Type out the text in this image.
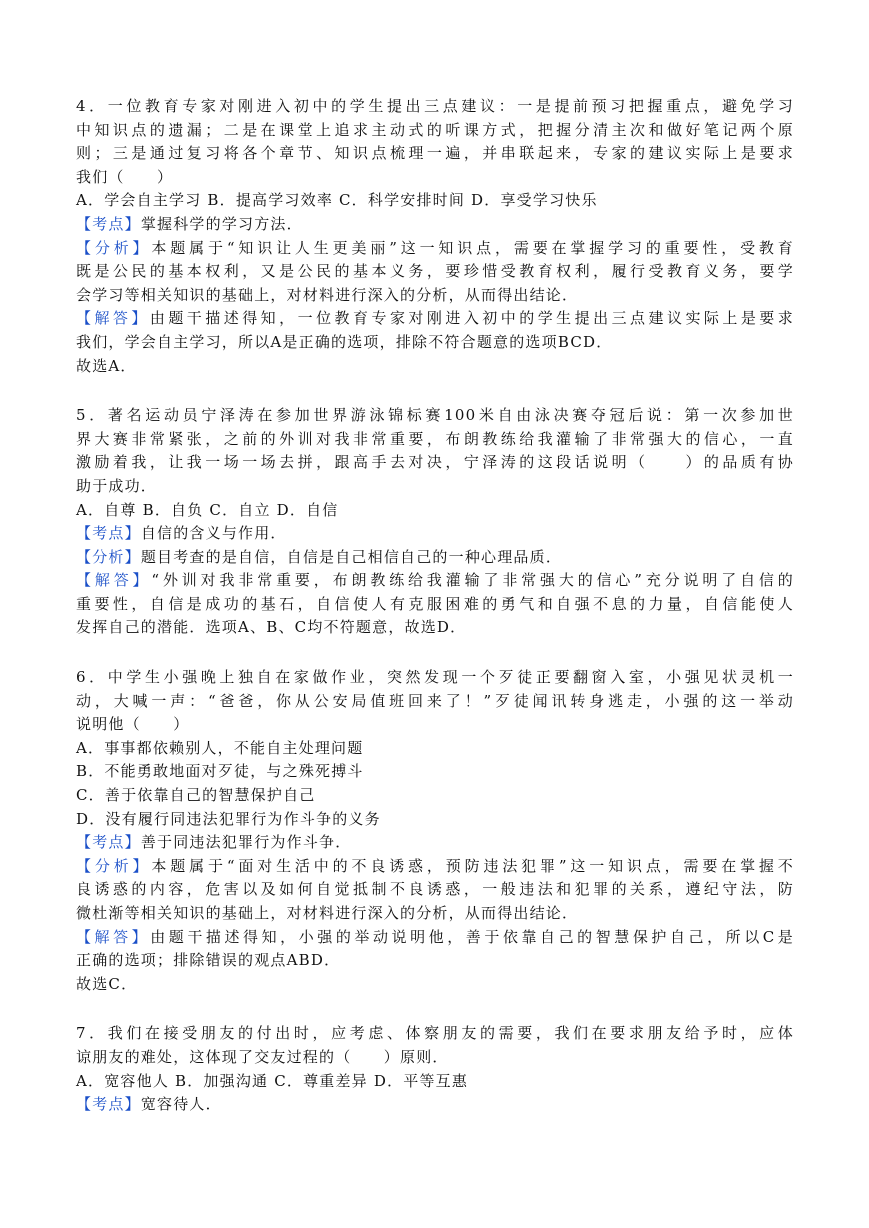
4．一位教育专家对刚进入初中的学生提出三点建议：一是提前预习把握重点，避免学习
中知识点的遗漏；二是在课堂上追求主动式的听课方式，把握分清主次和做好笔记两个原
则；三是通过复习将各个章节、知识点梳理一遍，并串联起来，专家的建议实际上是要求
我们（　　）
A．学会自主学习 B．提高学习效率 C．科学安排时间 D．享受学习快乐
【考点】掌握科学的学习方法．
【分析】本题属于“知识让人生更美丽”这一知识点，需要在掌握学习的重要性，受教育
既是公民的基本权利，又是公民的基本义务，要珍惜受教育权利，履行受教育义务，要学
会学习等相关知识的基础上，对材料进行深入的分析，从而得出结论．
【解答】由题干描述得知，一位教育专家对刚进入初中的学生提出三点建议实际上是要求
我们，学会自主学习，所以A是正确的选项，排除不符合题意的选项BCD．
故选A．
5．著名运动员宁泽涛在参加世界游泳锦标赛100米自由泳决赛夺冠后说：第一次参加世
界大赛非常紧张，之前的外训对我非常重要，布朗教练给我灌输了非常强大的信心，一直
激励着我，让我一场一场去拼，跟高手去对决，宁泽涛的这段话说明（　　）的品质有协
助于成功．
A．自尊 B．自负 C．自立 D．自信
【考点】自信的含义与作用．
【分析】题目考查的是自信，自信是自己相信自己的一种心理品质．
【解答】“外训对我非常重要，布朗教练给我灌输了非常强大的信心”充分说明了自信的
重要性，自信是成功的基石，自信使人有克服困难的勇气和自强不息的力量，自信能使人
发挥自己的潜能．选项A、B、C均不符题意，故选D．
6．中学生小强晚上独自在家做作业，突然发现一个歹徒正要翻窗入室，小强见状灵机一
动，大喊一声：“爸爸，你从公安局值班回来了！”歹徒闻讯转身逃走，小强的这一举动
说明他（　　）
A．事事都依赖别人，不能自主处理问题
B．不能勇敢地面对歹徒，与之殊死搏斗
C．善于依靠自己的智慧保护自己
D．没有履行同违法犯罪行为作斗争的义务
【考点】善于同违法犯罪行为作斗争．
【分析】本题属于“面对生活中的不良诱惑，预防违法犯罪”这一知识点，需要在掌握不
良诱惑的内容，危害以及如何自觉抵制不良诱惑，一般违法和犯罪的关系，遵纪守法，防
微杜渐等相关知识的基础上，对材料进行深入的分析，从而得出结论．
【解答】由题干描述得知，小强的举动说明他，善于依靠自己的智慧保护自己，所以C是
正确的选项；排除错误的观点ABD．
故选C．
7．我们在接受朋友的付出时，应考虑、体察朋友的需要，我们在要求朋友给予时，应体
谅朋友的难处，这体现了交友过程的（　　）原则．
A．宽容他人 B．加强沟通 C．尊重差异 D．平等互惠
【考点】宽容待人．
